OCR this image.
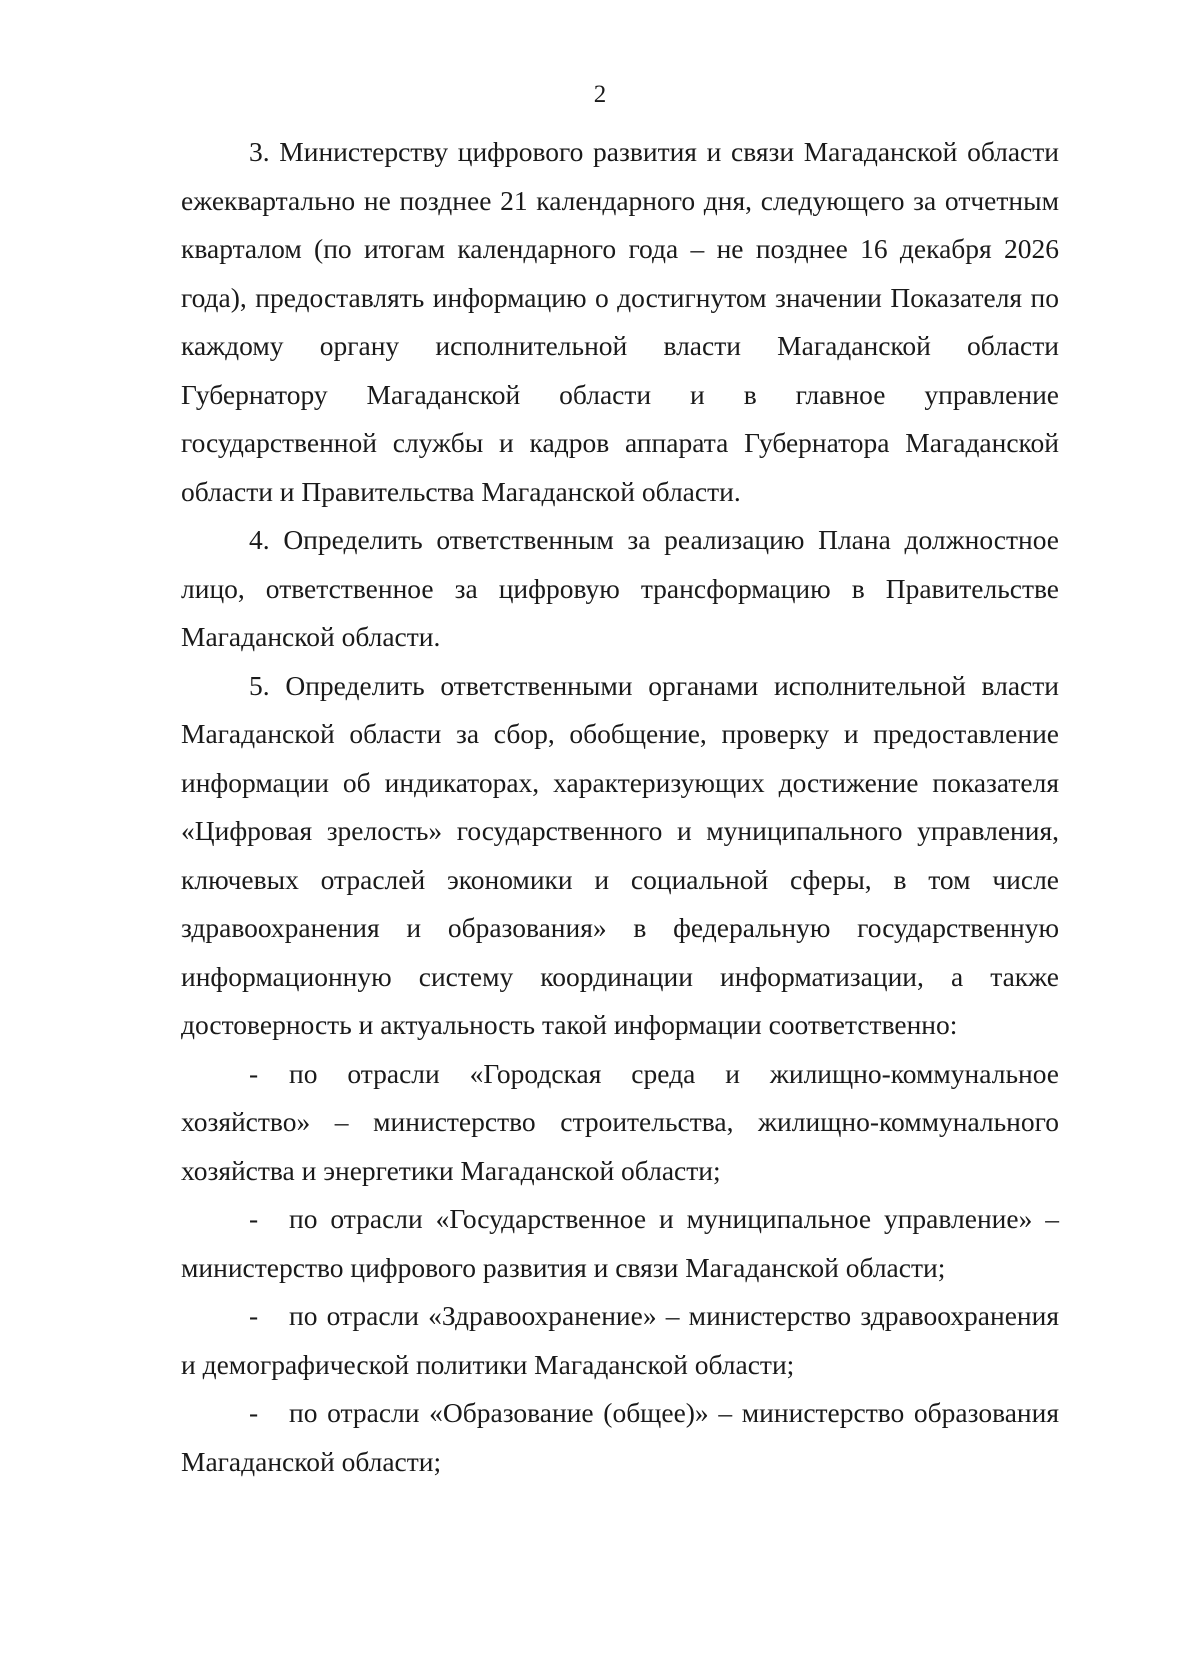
2

3. Министерству цифрового развития и связи Магаданской области ежеквартально не позднее 21 календарного дня, следующего за отчетным кварталом (по итогам календарного года – не позднее 16 декабря 2026 года), предоставлять информацию о достигнутом значении Показателя по каждому органу исполнительной власти Магаданской области Губернатору Магаданской области и в главное управление государственной службы и кадров аппарата Губернатора Магаданской области и Правительства Магаданской области.

4. Определить ответственным за реализацию Плана должностное лицо, ответственное за цифровую трансформацию в Правительстве Магаданской области.

5. Определить ответственными органами исполнительной власти Магаданской области за сбор, обобщение, проверку и предоставление информации об индикаторах, характеризующих достижение показателя «Цифровая зрелость» государственного и муниципального управления, ключевых отраслей экономики и социальной сферы, в том числе здравоохранения и образования» в федеральную государственную информационную систему координации информатизации, а также достоверность и актуальность такой информации соответственно:

- по отрасли «Городская среда и жилищно-коммунальное хозяйство» – министерство строительства, жилищно-коммунального хозяйства и энергетики Магаданской области;

- по отрасли «Государственное и муниципальное управление» – министерство цифрового развития и связи Магаданской области;

- по отрасли «Здравоохранение» – министерство здравоохранения и демографической политики Магаданской области;

- по отрасли «Образование (общее)» – министерство образования Магаданской области;
